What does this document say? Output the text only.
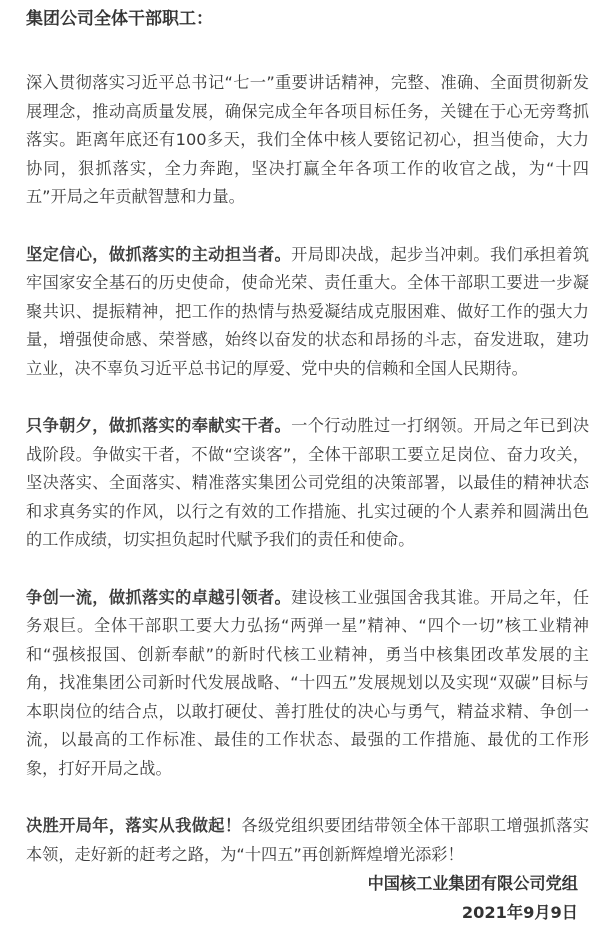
集团公司全体干部职工：

深入贯彻落实习近平总书记“七一”重要讲话精神，完整、准确、全面贯彻新发展理念，推动高质量发展，确保完成全年各项目标任务，关键在于心无旁骛抓落实。距离年底还有100多天，我们全体中核人要铭记初心，担当使命，大力协同，狠抓落实，全力奔跑，坚决打赢全年各项工作的收官之战，为“十四五”开局之年贡献智慧和力量。

坚定信心，做抓落实的主动担当者。开局即决战，起步当冲刺。我们承担着筑牢国家安全基石的历史使命，使命光荣、责任重大。全体干部职工要进一步凝聚共识、提振精神，把工作的热情与热爱凝结成克服困难、做好工作的强大力量，增强使命感、荣誉感，始终以奋发的状态和昂扬的斗志，奋发进取，建功立业，决不辜负习近平总书记的厚爱、党中央的信赖和全国人民期待。

只争朝夕，做抓落实的奉献实干者。一个行动胜过一打纲领。开局之年已到决战阶段。争做实干者，不做“空谈客”，全体干部职工要立足岗位、奋力攻关，坚决落实、全面落实、精准落实集团公司党组的决策部署，以最佳的精神状态和求真务实的作风，以行之有效的工作措施、扎实过硬的个人素养和圆满出色的工作成绩，切实担负起时代赋予我们的责任和使命。

争创一流，做抓落实的卓越引领者。建设核工业强国舍我其谁。开局之年，任务艰巨。全体干部职工要大力弘扬“两弹一星”精神、“四个一切”核工业精神和“强核报国、创新奉献”的新时代核工业精神，勇当中核集团改革发展的主角，找准集团公司新时代发展战略、“十四五”发展规划以及实现“双碳”目标与本职岗位的结合点，以敢打硬仗、善打胜仗的决心与勇气，精益求精、争创一流，以最高的工作标准、最佳的工作状态、最强的工作措施、最优的工作形象，打好开局之战。

决胜开局年，落实从我做起！各级党组织要团结带领全体干部职工增强抓落实本领，走好新的赶考之路，为“十四五”再创新辉煌增光添彩！

中国核工业集团有限公司党组
2021年9月9日
